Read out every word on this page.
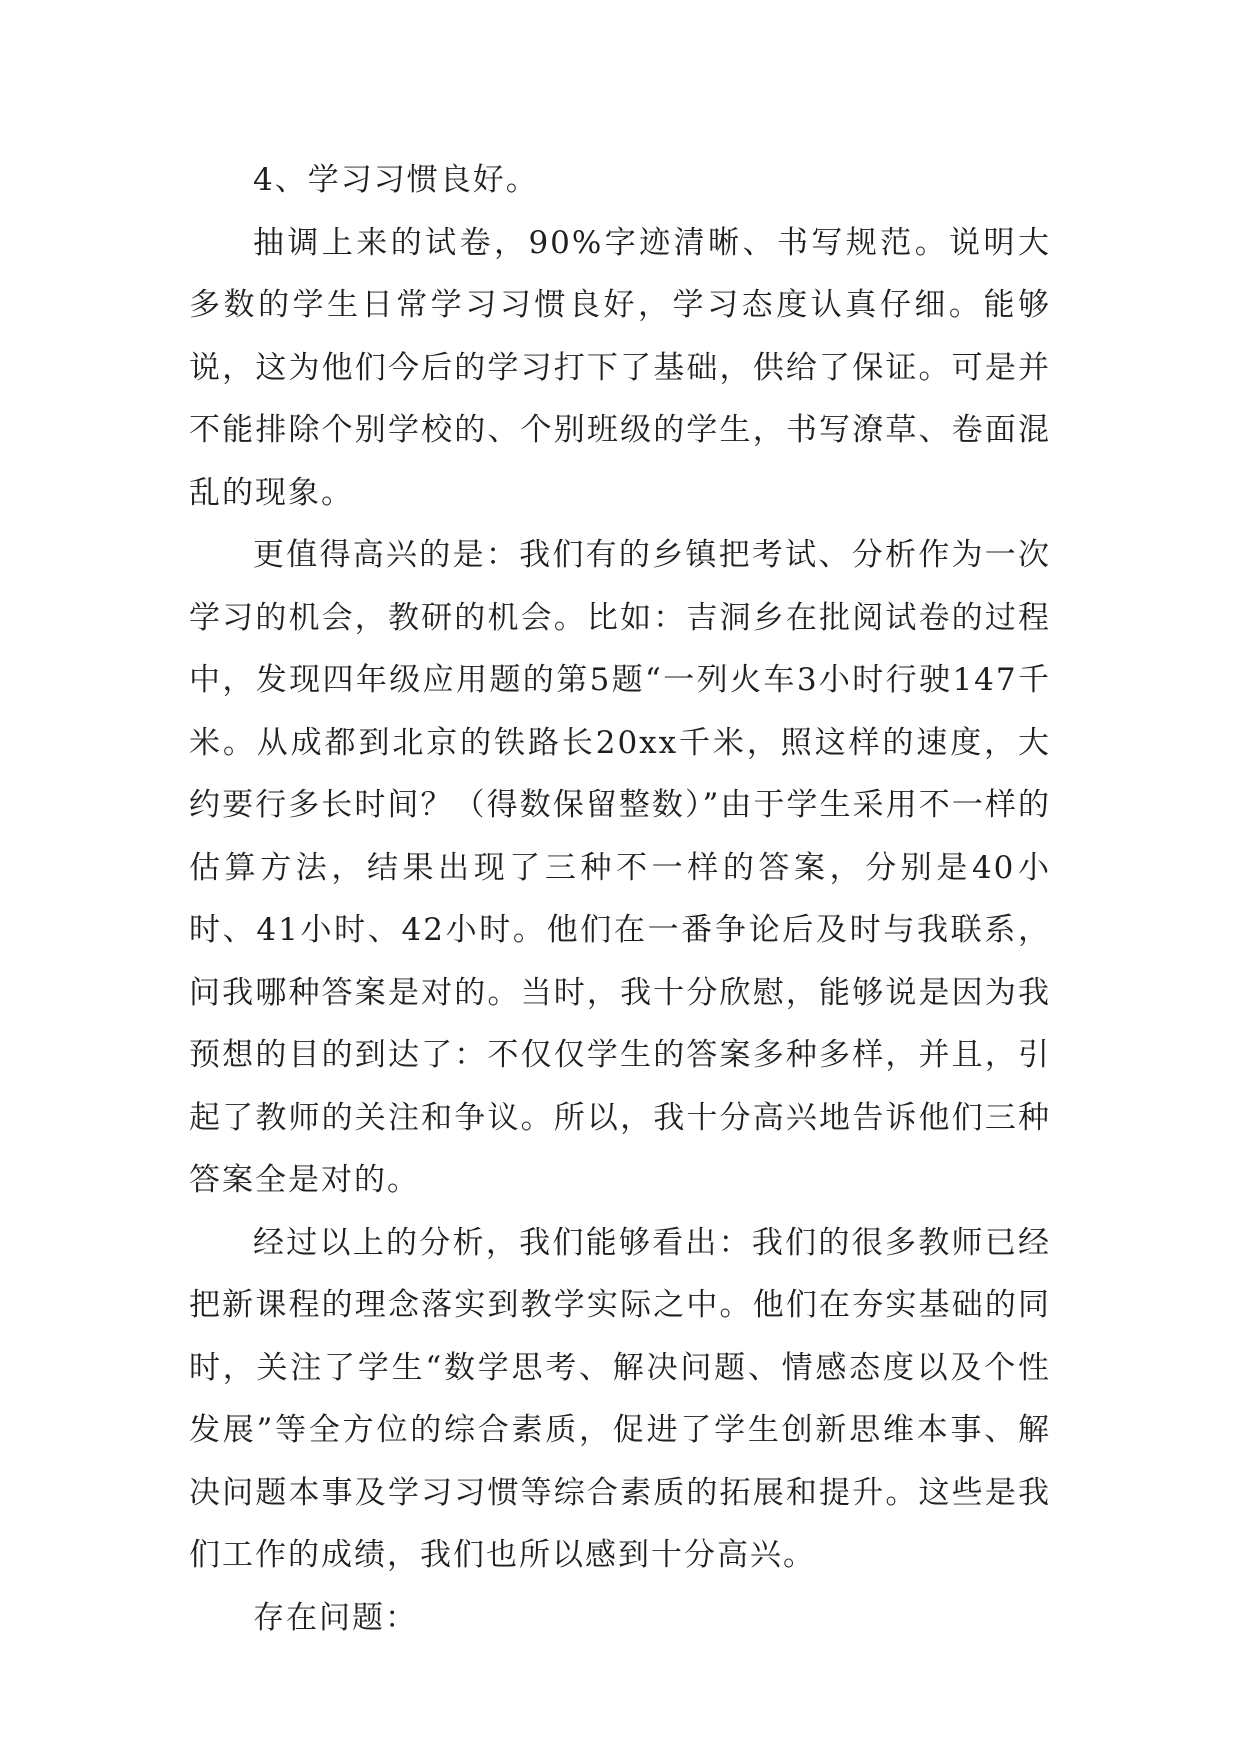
4、学习习惯良好。

抽调上来的试卷，90%字迹清晰、书写规范。说明大多数的学生日常学习习惯良好，学习态度认真仔细。能够说，这为他们今后的学习打下了基础，供给了保证。可是并不能排除个别学校的、个别班级的学生，书写潦草、卷面混乱的现象。

更值得高兴的是：我们有的乡镇把考试、分析作为一次学习的机会，教研的机会。比如：吉洞乡在批阅试卷的过程中，发现四年级应用题的第5题“一列火车3小时行驶147千米。从成都到北京的铁路长20xx千米，照这样的速度，大约要行多长时间？（得数保留整数）”由于学生采用不一样的估算方法，结果出现了三种不一样的答案，分别是40小时、41小时、42小时。他们在一番争论后及时与我联系，问我哪种答案是对的。当时，我十分欣慰，能够说是因为我预想的目的到达了：不仅仅学生的答案多种多样，并且，引起了教师的关注和争议。所以，我十分高兴地告诉他们三种答案全是对的。

经过以上的分析，我们能够看出：我们的很多教师已经把新课程的理念落实到教学实际之中。他们在夯实基础的同时，关注了学生“数学思考、解决问题、情感态度以及个性发展”等全方位的综合素质，促进了学生创新思维本事、解决问题本事及学习习惯等综合素质的拓展和提升。这些是我们工作的成绩，我们也所以感到十分高兴。

存在问题：
